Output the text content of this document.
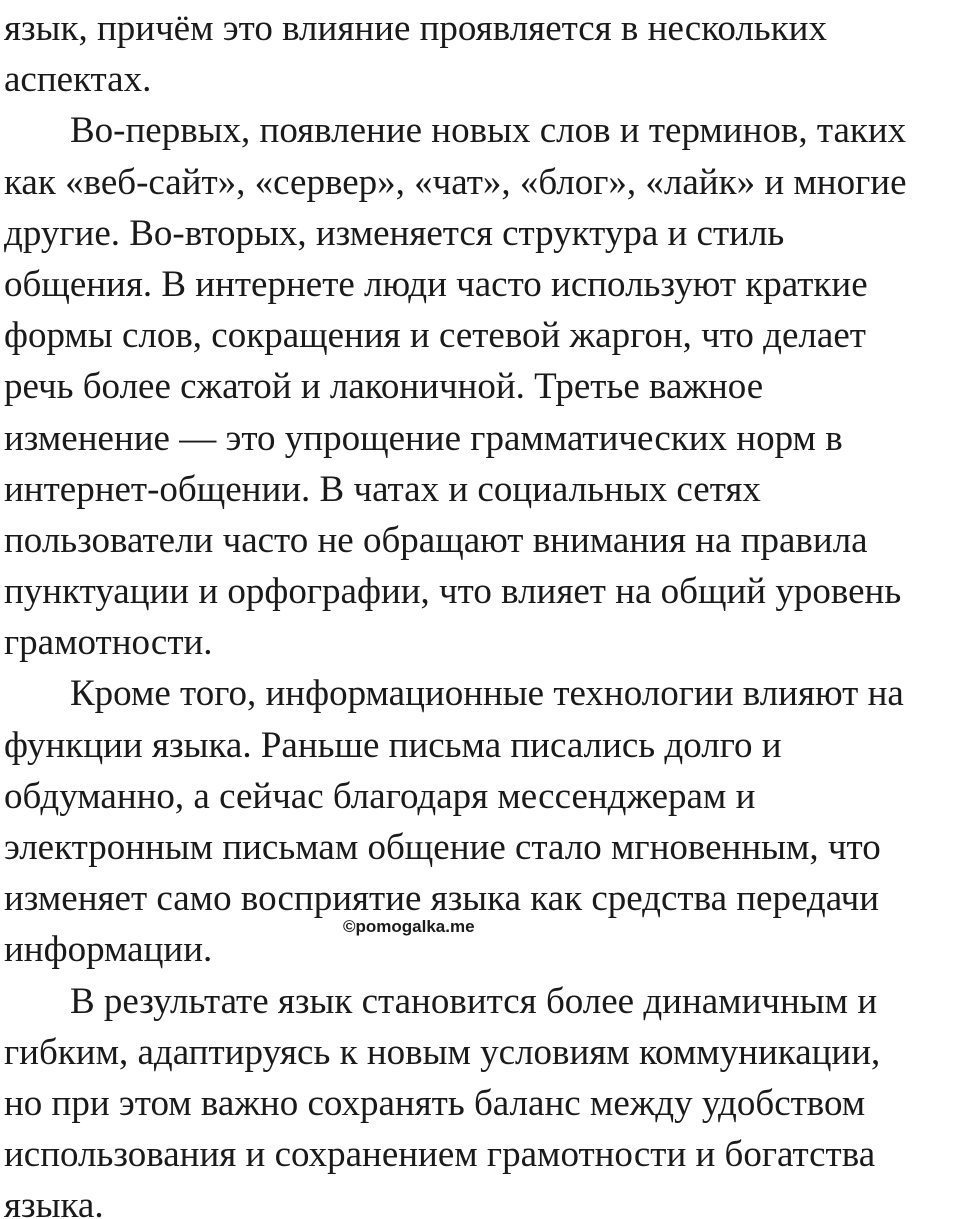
язык, причём это влияние проявляется в нескольких
аспектах.
Во-первых, появление новых слов и терминов, таких
как «веб-сайт», «сервер», «чат», «блог», «лайк» и многие
другие. Во-вторых, изменяется структура и стиль
общения. В интернете люди часто используют краткие
формы слов, сокращения и сетевой жаргон, что делает
речь более сжатой и лаконичной. Третье важное
изменение — это упрощение грамматических норм в
интернет-общении. В чатах и социальных сетях
пользователи часто не обращают внимания на правила
пунктуации и орфографии, что влияет на общий уровень
грамотности.
Кроме того, информационные технологии влияют на
функции языка. Раньше письма писались долго и
обдуманно, а сейчас благодаря мессенджерам и
электронным письмам общение стало мгновенным, что
изменяет само восприятие языка как средства передачи
информации.
В результате язык становится более динамичным и
гибким, адаптируясь к новым условиям коммуникации,
но при этом важно сохранять баланс между удобством
использования и сохранением грамотности и богатства
языка.
©pomogalka.me
